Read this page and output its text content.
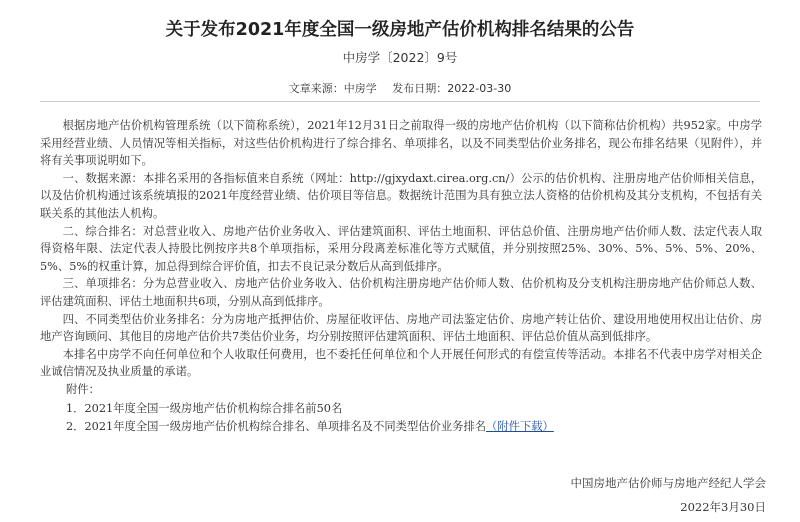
关于发布2021年度全国一级房地产估价机构排名结果的公告
中房学〔2022〕9号
文章来源：中房学 发布日期：2022-03-30

根据房地产估价机构管理系统（以下简称系统），2021年12月31日之前取得一级的房地产估价机构（以下简称估价机构）共952家。中房学采用经营业绩、人员情况等相关指标，对这些估价机构进行了综合排名、单项排名，以及不同类型估价业务排名，现公布排名结果（见附件），并将有关事项说明如下。

一、数据来源：本排名采用的各指标值来自系统（网址：http://gjxydaxt.cirea.org.cn/）公示的估价机构、注册房地产估价师相关信息，以及估价机构通过该系统填报的2021年度经营业绩、估价项目等信息。数据统计范围为具有独立法人资格的估价机构及其分支机构，不包括有关联关系的其他法人机构。

二、综合排名：对总营业收入、房地产估价业务收入、评估建筑面积、评估土地面积、评估总价值、注册房地产估价师人数、法定代表人取得资格年限、法定代表人持股比例按序共8个单项指标，采用分段离差标准化等方式赋值，并分别按照25%、30%、5%、5%、5%、20%、5%、5%的权重计算，加总得到综合评价值，扣去不良记录分数后从高到低排序。

三、单项排名：分为总营业收入、房地产估价业务收入、估价机构注册房地产估价师人数、估价机构及分支机构注册房地产估价师总人数、评估建筑面积、评估土地面积共6项，分别从高到低排序。

四、不同类型估价业务排名：分为房地产抵押估价、房屋征收评估、房地产司法鉴定估价、房地产转让估价、建设用地使用权出让估价、房地产咨询顾问、其他目的房地产估价共7类估价业务，均分别按照评估建筑面积、评估土地面积、评估总价值从高到低排序。

本排名中房学不向任何单位和个人收取任何费用，也不委托任何单位和个人开展任何形式的有偿宣传等活动。本排名不代表中房学对相关企业诚信情况及执业质量的承诺。

附件：

1．2021年度全国一级房地产估价机构综合排名前50名

2．2021年度全国一级房地产估价机构综合排名、单项排名及不同类型估价业务排名（附件下载）

中国房地产估价师与房地产经纪人学会
2022年3月30日
